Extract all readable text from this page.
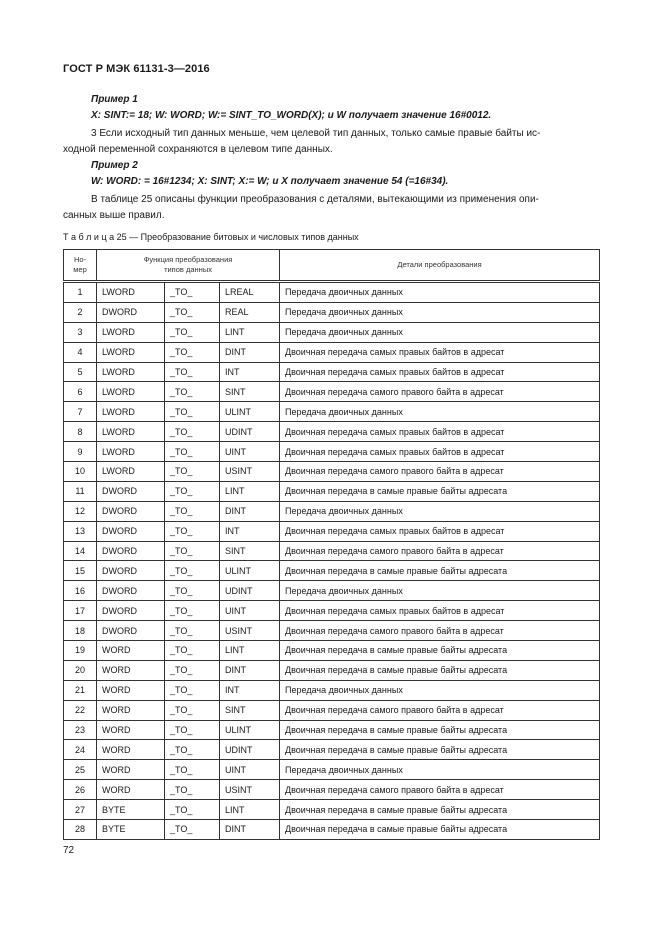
ГОСТ Р МЭК 61131-3—2016
Пример 1
X: SINT:= 18; W: WORD; W:= SINT_TO_WORD(X); и W получает значение 16#0012.
3 Если исходный тип данных меньше, чем целевой тип данных, только самые правые байты ис-
ходной переменной сохраняются в целевом типе данных.
Пример 2
W: WORD: = 16#1234; X: SINT; X:= W; и X получает значение 54 (=16#34).
В таблице 25 описаны функции преобразования с деталями, вытекающими из применения опи-
санных выше правил.
Т а б л и ц а 25 — Преобразование битовых и числовых типов данных
Но-
мер	Функция преобразования
типов данных			Детали преобразования
1	LWORD	_TO_	LREAL	Передача двоичных данных
2	DWORD	_TO_	REAL	Передача двоичных данных
3	LWORD	_TO_	LINT	Передача двоичных данных
4	LWORD	_TO_	DINT	Двоичная передача самых правых байтов в адресат
5	LWORD	_TO_	INT	Двоичная передача самых правых байтов в адресат
6	LWORD	_TO_	SINT	Двоичная передача самого правого байта в адресат
7	LWORD	_TO_	ULINT	Передача двоичных данных
8	LWORD	_TO_	UDINT	Двоичная передача самых правых байтов в адресат
9	LWORD	_TO_	UINT	Двоичная передача самых правых байтов в адресат
10	LWORD	_TO_	USINT	Двоичная передача самого правого байта в адресат
11	DWORD	_TO_	LINT	Двоичная передача в самые правые байты адресата
12	DWORD	_TO_	DINT	Передача двоичных данных
13	DWORD	_TO_	INT	Двоичная передача самых правых байтов в адресат
14	DWORD	_TO_	SINT	Двоичная передача самого правого байта в адресат
15	DWORD	_TO_	ULINT	Двоичная передача в самые правые байты адресата
16	DWORD	_TO_	UDINT	Передача двоичных данных
17	DWORD	_TO_	UINT	Двоичная передача самых правых байтов в адресат
18	DWORD	_TO_	USINT	Двоичная передача самого правого байта в адресат
19	WORD	_TO_	LINT	Двоичная передача в самые правые байты адресата
20	WORD	_TO_	DINT	Двоичная передача в самые правые байты адресата
21	WORD	_TO_	INT	Передача двоичных данных
22	WORD	_TO_	SINT	Двоичная передача самого правого байта в адресат
23	WORD	_TO_	ULINT	Двоичная передача в самые правые байты адресата
24	WORD	_TO_	UDINT	Двоичная передача в самые правые байты адресата
25	WORD	_TO_	UINT	Передача двоичных данных
26	WORD	_TO_	USINT	Двоичная передача самого правого байта в адресат
27	BYTE	_TO_	LINT	Двоичная передача в самые правые байты адресата
28	BYTE	_TO_	DINT	Двоичная передача в самые правые байты адресата
72
